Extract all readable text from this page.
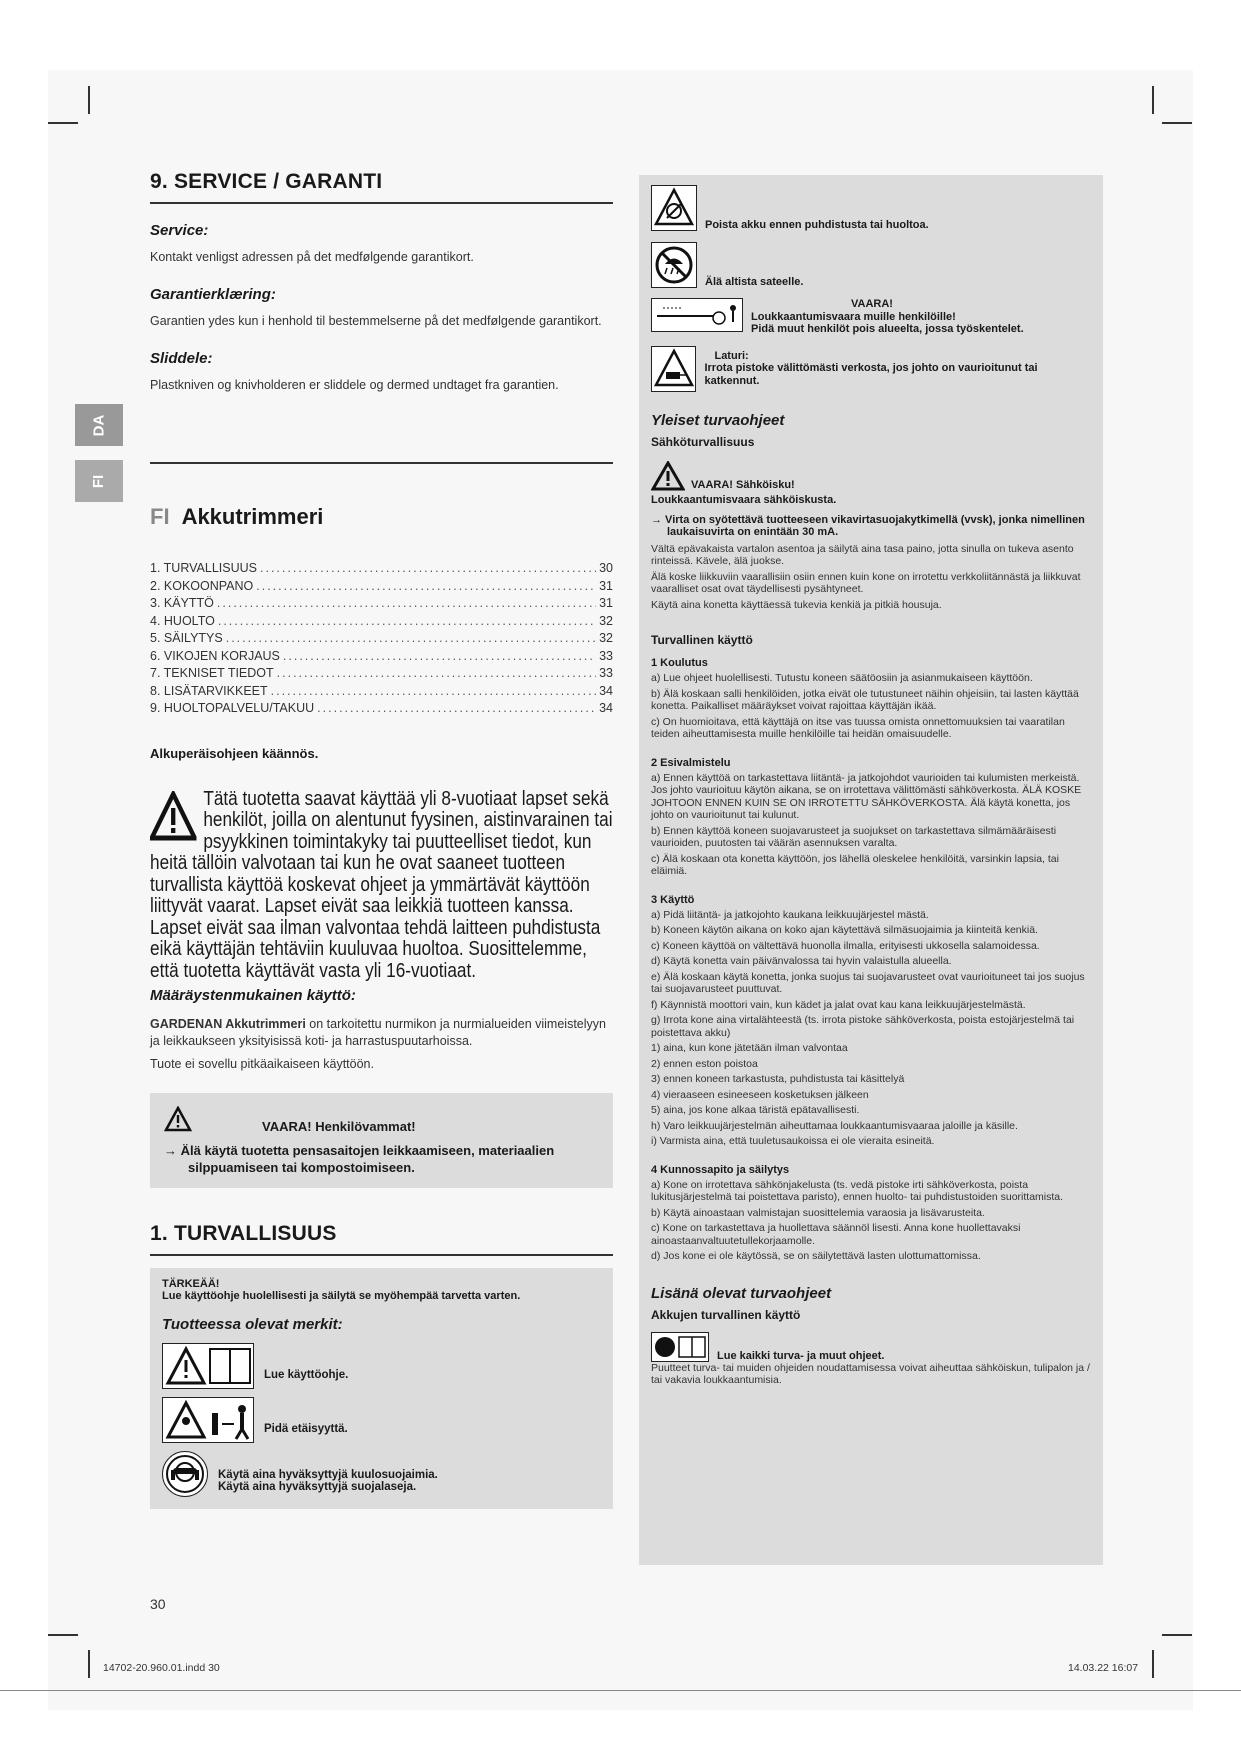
DA
FI
9. SERVICE / GARANTI
Service:

Kontakt venligst adressen på det medfølgende garantikort.

Garantierklæring:

Garantien ydes kun i henhold til bestemmelserne på det medfølgende garantikort.

Sliddele:

Plastkniven og knivholderen er sliddele og dermed undtaget fra garantien.

FI Akkutrimmeri
1. TURVALLISUUS .....	30
2. KOKOONPANO .....	31
3. KÄYTTÖ .....	31
4. HUOLTO .....	32
5. SÄILYTYS .....	32
6. VIKOJEN KORJAUS .....	33
7. TEKNISET TIEDOT .....	33
8. LISÄTARVIKKEET .....	34
9. HUOLTOPALVELU/TAKUU .....	34
Alkuperäisohjeen käännös.
Tätä tuotetta saavat käyttää yli 8-vuotiaat lapset sekä henkilöt, joilla on alentunut fyysinen, aistinvarainen tai psyykkinen toimintakyky tai puutteelliset tiedot, kun heitä tällöin valvotaan tai kun he ovat saaneet tuotteen turvallista käyttöä koskevat ohjeet ja ymmärtävät käyttöön liittyvät vaarat. Lapset eivät saa leikkiä tuotteen kanssa. Lapset eivät saa ilman valvontaa tehdä laitteen puhdistusta eikä käyttäjän tehtäviin kuuluvaa huoltoa. Suosittelemme, että tuotetta käyttävät vasta yli 16-vuotiaat.
Määräystenmukainen käyttö:

GARDENAN Akkutrimmeri on tarkoitettu nurmikon ja nurmialueiden viimeistelyyn ja leikkaukseen yksityisissä koti- ja harrastuspuutarhoissa.

Tuote ei sovellu pitkäaikaiseen käyttöön.

VAARA! Henkilövammat!
→ Älä käytä tuotetta pensasaitojen leikkaamiseen, materiaalien silppuamiseen tai kompostoimiseen.
1. TURVALLISUUS
TÄRKEÄÄ!
Lue käyttöohje huolellisesti ja säilytä se myöhempää tarvetta varten.
Tuotteessa olevat merkit:
Lue käyttöohje.
Pidä etäisyyttä.
Käytä aina hyväksyttyjä kuulosuojaimia.
Käytä aina hyväksyttyjä suojalaseja.
Poista akku ennen puhdistusta tai huoltoa.
Älä altista sateelle.
VAARA!
Loukkaantumisvaara muille henkilöille!
Pidä muut henkilöt pois alueelta, jossa työskentelet.
Laturi:
Irrota pistoke välittömästi verkosta, jos johto on vaurioitunut tai katkennut.
Yleiset turvaohjeet
Sähköturvallisuus
VAARA! Sähköisku!
Loukkaantumisvaara sähköiskusta.
→ Virta on syötettävä tuotteeseen vikavirtasuojakytkimellä (vvsk), jonka nimellinen laukaisuvirta on enintään 30 mA.
Vältä epävakaista vartalon asentoa ja säilytä aina tasa paino, jotta sinulla on tukeva asento rinteissä. Kävele, älä juokse.
Älä koske liikkuviin vaarallisiin osiin ennen kuin kone on irrotettu verkkoliitännästä ja liikkuvat vaaralliset osat ovat täydellisesti pysähtyneet.
Käytä aina konetta käyttäessä tukevia kenkiä ja pitkiä housuja.
Turvallinen käyttö
1 Koulutus
a) Lue ohjeet huolellisesti. Tutustu koneen säätöosiin ja asianmukaiseen käyttöön.
b) Älä koskaan salli henkilöiden, jotka eivät ole tutustuneet näihin ohjeisiin, tai lasten käyttää konetta. Paikalliset määräykset voivat rajoittaa käyttäjän ikää.
c) On huomioitava, että käyttäjä on itse vas tuussa omista onnettomuuksien tai vaaratilan teiden aiheuttamisesta muille henkilöille tai heidän omaisuudelle.
2 Esivalmistelu
a) Ennen käyttöä on tarkastettava liitäntä- ja jatkojohdot vaurioiden tai kulumisten merkeistä. Jos johto vaurioituu käytön aikana, se on irrotettava välittömästi sähköverkosta. ÄLÄ KOSKE JOHTOON ENNEN KUIN SE ON IRROTETTU SÄHKÖVERKOSTA. Älä käytä konetta, jos johto on vaurioitunut tai kulunut.
b) Ennen käyttöä koneen suojavarusteet ja suojukset on tarkastettava silmämääräisesti vaurioiden, puutosten tai väärän asennuksen varalta.
c) Älä koskaan ota konetta käyttöön, jos lähellä oleskelee henkilöitä, varsinkin lapsia, tai eläimiä.
3 Käyttö
a) Pidä liitäntä- ja jatkojohto kaukana leikkuujärjestel mästä.
b) Koneen käytön aikana on koko ajan käytettävä silmäsuojaimia ja kiinteitä kenkiä.
c) Koneen käyttöä on vältettävä huonolla ilmalla, erityisesti ukkosella salamoidessa.
d) Käytä konetta vain päivänvalossa tai hyvin valaistulla alueella.
e) Älä koskaan käytä konetta, jonka suojus tai suojavarusteet ovat vaurioituneet tai jos suojus tai suojavarusteet puuttuvat.
f) Käynnistä moottori vain, kun kädet ja jalat ovat kau kana leikkuujärjestelmästä.
g) Irrota kone aina virtalähteestä (ts. irrota pistoke sähköverkosta, poista estojärjestelmä tai poistettava akku)
1) aina, kun kone jätetään ilman valvontaa
2) ennen eston poistoa
3) ennen koneen tarkastusta, puhdistusta tai käsittelyä
4) vieraaseen esineeseen kosketuksen jälkeen
5) aina, jos kone alkaa täristä epätavallisesti.
h) Varo leikkuujärjestelmän aiheuttamaa loukkaantumisvaaraa jaloille ja käsille.
i) Varmista aina, että tuuletusaukoissa ei ole vieraita esineitä.
4 Kunnossapito ja säilytys
a) Kone on irrotettava sähkönjakelusta (ts. vedä pistoke irti sähköverkosta, poista lukitusjärjestelmä tai poistettava paristo), ennen huolto- tai puhdistustoiden suorittamista.
b) Käytä ainoastaan valmistajan suosittelemia varaosia ja lisävarusteita.
c) Kone on tarkastettava ja huollettava säännöl lisesti. Anna kone huollettavaksi ainoastaanvaltuutetullekorjaamolle.
d) Jos kone ei ole käytössä, se on säilytettävä lasten ulottumattomissa.
Lisänä olevat turvaohjeet
Akkujen turvallinen käyttö
Lue kaikki turva- ja muut ohjeet.
Puutteet turva- tai muiden ohjeiden noudattamisessa voivat aiheuttaa sähköiskun, tulipalon ja / tai vakavia loukkaantumisia.
30
14702-20.960.01.indd 30	14.03.22 16:07
